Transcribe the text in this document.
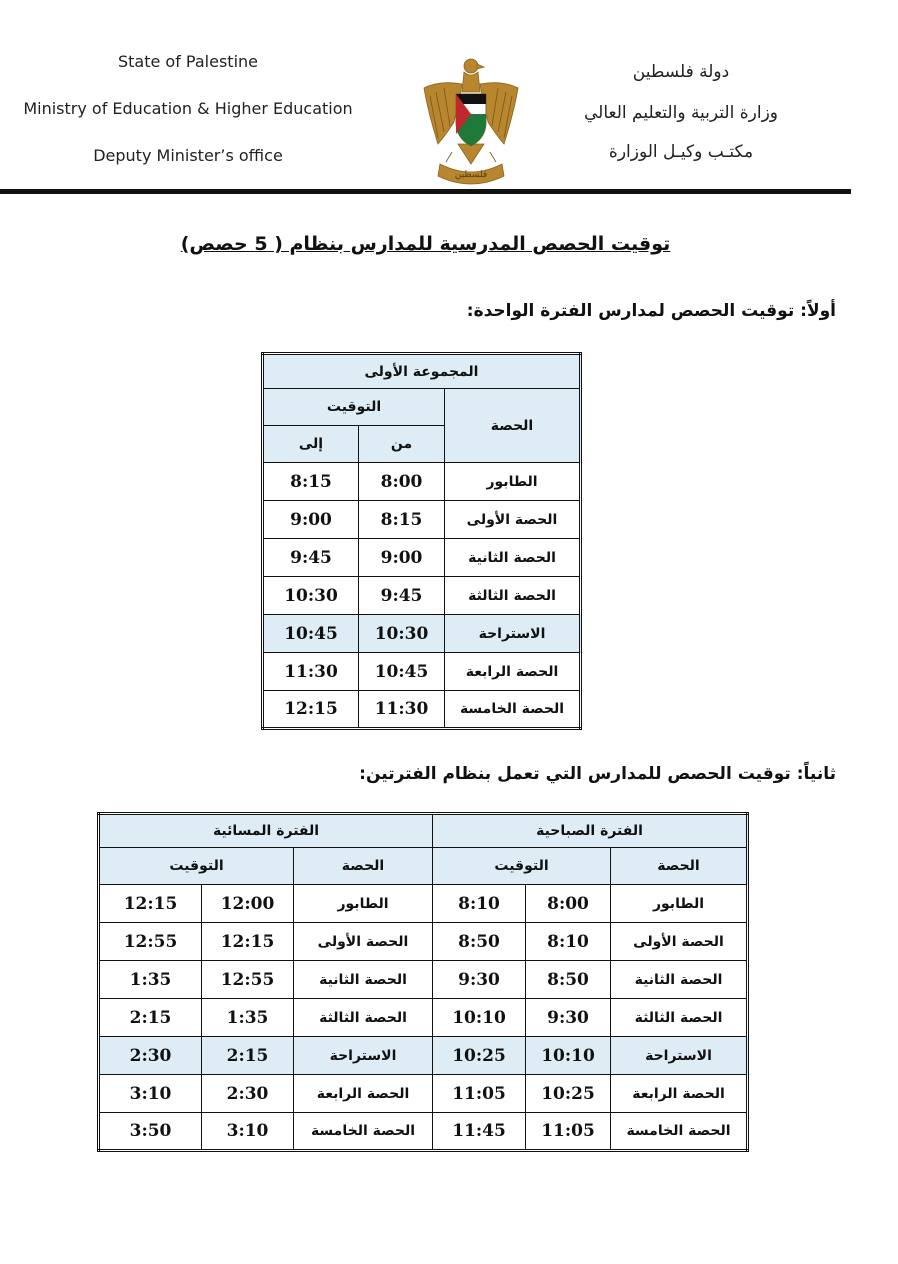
State of Palestine
Ministry of Education & Higher Education
Deputy Minister’s office
دولة فلسطين
وزارة التربية والتعليم العالي
مكتـب وكيـل الوزارة
فلسطين
توقيت الحصص المدرسية للمدارس بنظام ( 5 حصص)
أولاً: توقيت الحصص لمدارس الفترة الواحدة:
المجموعة الأولى		
الحصة	التوقيت	
	من	إلى
الطابور	8:00	8:15
الحصة الأولى	8:15	9:00
الحصة الثانية	9:00	9:45
الحصة الثالثة	9:45	10:30
الاستراحة	10:30	10:45
الحصة الرابعة	10:45	11:30
الحصة الخامسة	11:30	12:15
ثانياً: توقيت الحصص للمدارس التي تعمل بنظام الفترتين:
الفترة الصباحية			الفترة المسائية		
الحصة	التوقيت		الحصة	التوقيت	
الطابور	8:00	8:10	الطابور	12:00	12:15
الحصة الأولى	8:10	8:50	الحصة الأولى	12:15	12:55
الحصة الثانية	8:50	9:30	الحصة الثانية	12:55	1:35
الحصة الثالثة	9:30	10:10	الحصة الثالثة	1:35	2:15
الاستراحة	10:10	10:25	الاستراحة	2:15	2:30
الحصة الرابعة	10:25	11:05	الحصة الرابعة	2:30	3:10
الحصة الخامسة	11:05	11:45	الحصة الخامسة	3:10	3:50
